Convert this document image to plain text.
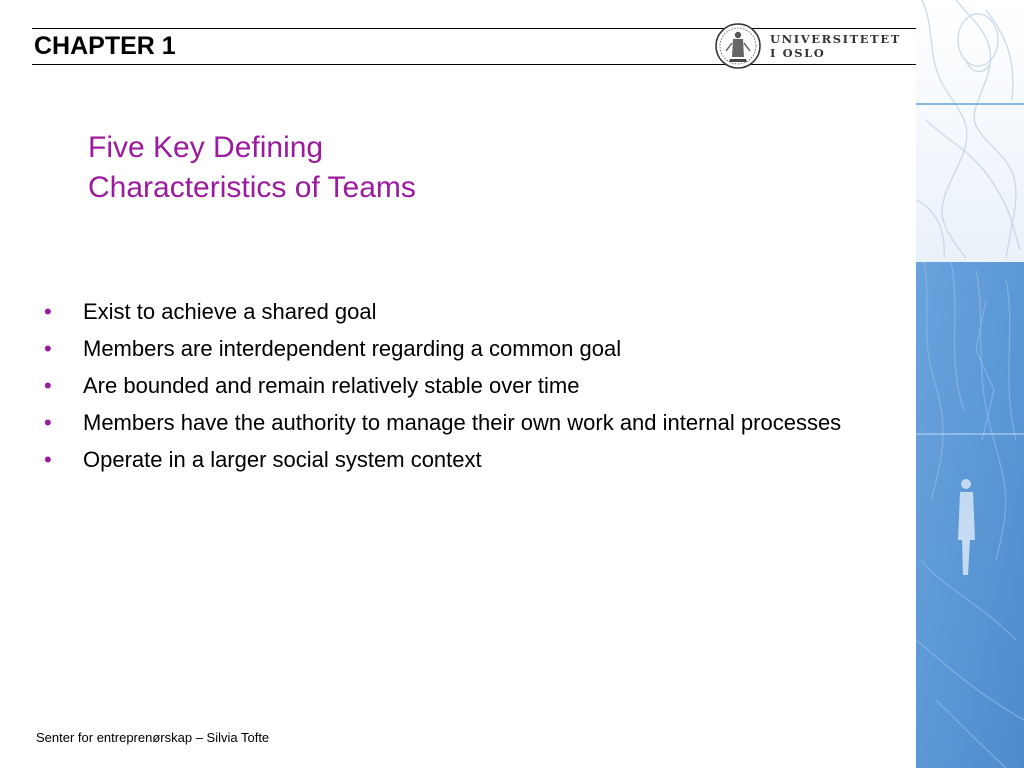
CHAPTER 1	UNIVERSITETET
I OSLO
Five Key Defining
Characteristics of Teams
• Exist to achieve a shared goal
• Members are interdependent regarding a common goal
• Are bounded and remain relatively stable over time
• Members have the authority to manage their own work and internal processes
• Operate in a larger social system context

Senter for entreprenørskap – Silvia Tofte
